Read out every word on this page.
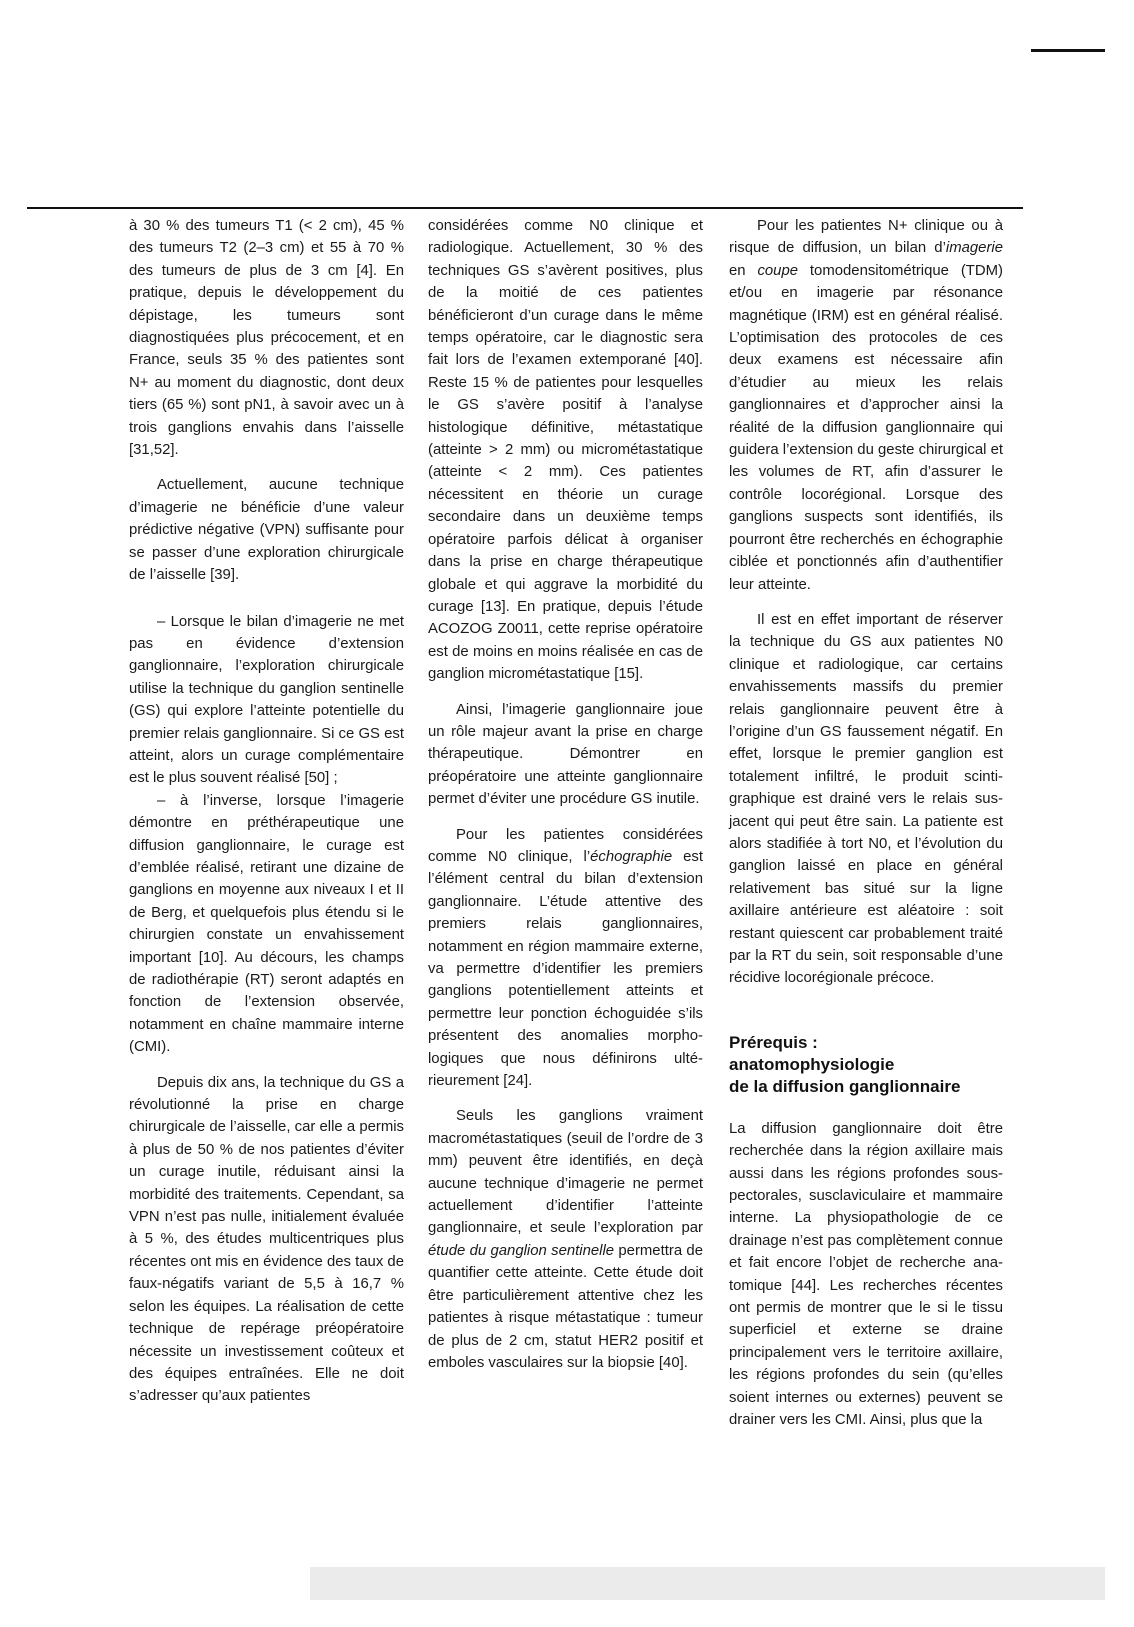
à 30 % des tumeurs T1 (< 2 cm), 45 % des tumeurs T2 (2–3 cm) et 55 à 70 % des tumeurs de plus de 3 cm [4]. En pratique, depuis le développement du dépistage, les tumeurs sont diagnostiquées plus précocement, et en France, seuls 35 % des patientes sont N+ au moment du diagnostic, dont deux tiers (65 %) sont pN1, à savoir avec un à trois ganglions envahis dans l’aisselle [31,52].

Actuellement, aucune technique d’imagerie ne bénéficie d’une valeur prédictive négative (VPN) suffisante pour se passer d’une exploration chirurgicale de l’aisselle [39].

– Lorsque le bilan d’imagerie ne met pas en évidence d’extension ganglionnaire, l’exploration chirurgicale utilise la technique du ganglion sentinelle (GS) qui explore l’atteinte potentielle du premier relais ganglionnaire. Si ce GS est atteint, alors un curage complémentaire est le plus souvent réalisé [50] ;

– à l’inverse, lorsque l’imagerie démontre en préthérapeutique une diffusion ganglionnaire, le curage est d’emblée réalisé, retirant une dizaine de ganglions en moyenne aux niveaux I et II de Berg, et quelquefois plus étendu si le chirurgien constate un envahissement important [10]. Au décours, les champs de radiothérapie (RT) seront adaptés en fonction de l’extension observée, notamment en chaîne mammaire interne (CMI).

Depuis dix ans, la technique du GS a révolutionné la prise en charge chirurgicale de l’aisselle, car elle a permis à plus de 50 % de nos patientes d’éviter un curage inutile, réduisant ainsi la morbidité des traitements. Cependant, sa VPN n’est pas nulle, initialement évaluée à 5 %, des études multicentriques plus récentes ont mis en évidence des taux de faux-négatifs variant de 5,5 à 16,7 % selon les équipes. La réalisation de cette technique de repérage préopératoire nécessite un investissement coûteux et des équipes entraînées. Elle ne doit s’adresser qu’aux patientes

considérées comme N0 clinique et radiologique. Actuellement, 30 % des techniques GS s’avèrent positives, plus de la moitié de ces patientes bénéficieront d’un curage dans le même temps opératoire, car le diagnostic sera fait lors de l’examen extemporané [40]. Reste 15 % de patientes pour lesquelles le GS s’avère positif à l’analyse histologique définitive, métastatique (atteinte > 2 mm) ou micrométastatique (atteinte < 2 mm). Ces patientes nécessitent en théorie un curage secondaire dans un deuxième temps opératoire parfois délicat à organiser dans la prise en charge thérapeutique globale et qui aggrave la morbidité du curage [13]. En pratique, depuis l’étude ACOZOG Z0011, cette reprise opératoire est de moins en moins réalisée en cas de ganglion micrométastatique [15].

Ainsi, l’imagerie ganglionnaire joue un rôle majeur avant la prise en charge thérapeutique. Démontrer en préopératoire une atteinte ganglionnaire permet d’éviter une procédure GS inutile.

Pour les patientes considérées comme N0 clinique, l’échographie est l’élément central du bilan d’extension ganglionnaire. L’étude attentive des premiers relais ganglionnaires, notamment en région mammaire externe, va permettre d’identifier les premiers ganglions potentiellement atteints et permettre leur ponction échoguidée s’ils présentent des anomalies morphologiques que nous définirons ultérieurement [24].

Seuls les ganglions vraiment macrométastatiques (seuil de l’ordre de 3 mm) peuvent être identifiés, en deçà aucune technique d’imagerie ne permet actuellement d’identifier l’atteinte ganglionnaire, et seule l’exploration par étude du ganglion sentinelle permettra de quantifier cette atteinte. Cette étude doit être particulièrement attentive chez les patientes à risque métastatique : tumeur de plus de 2 cm, statut HER2 positif et emboles vasculaires sur la biopsie [40].

Pour les patientes N+ clinique ou à risque de diffusion, un bilan d’imagerie en coupe tomodensitométrique (TDM) et/ou en imagerie par résonance magnétique (IRM) est en général réalisé. L’optimisation des protocoles de ces deux examens est nécessaire afin d’étudier au mieux les relais ganglionnaires et d’approcher ainsi la réalité de la diffusion ganglionnaire qui guidera l’extension du geste chirurgical et les volumes de RT, afin d’assurer le contrôle locorégional. Lorsque des ganglions suspects sont identifiés, ils pourront être recherchés en échographie ciblée et ponctionnés afin d’authentifier leur atteinte.

Il est en effet important de réserver la technique du GS aux patientes N0 clinique et radiologique, car certains envahissements massifs du premier relais ganglionnaire peuvent être à l’origine d’un GS faussement négatif. En effet, lorsque le premier ganglion est totalement infiltré, le produit scintigraphique est drainé vers le relais sus-jacent qui peut être sain. La patiente est alors stadifiée à tort N0, et l’évolution du ganglion laissé en place en général relativement bas situé sur la ligne axillaire antérieure est aléatoire : soit restant quiescent car probablement traité par la RT du sein, soit responsable d’une récidive locorégionale précoce.

Prérequis :
anatomophysiologie
de la diffusion ganglionnaire

La diffusion ganglionnaire doit être recherchée dans la région axillaire mais aussi dans les régions profondes sous-pectorales, susclaviculaire et mammaire interne. La physiopathologie de ce drainage n’est pas complètement connue et fait encore l’objet de recherche anatomique [44]. Les recherches récentes ont permis de montrer que le si le tissu superficiel et externe se draine principalement vers le territoire axillaire, les régions profondes du sein (qu’elles soient internes ou externes) peuvent se drainer vers les CMI. Ainsi, plus que la
